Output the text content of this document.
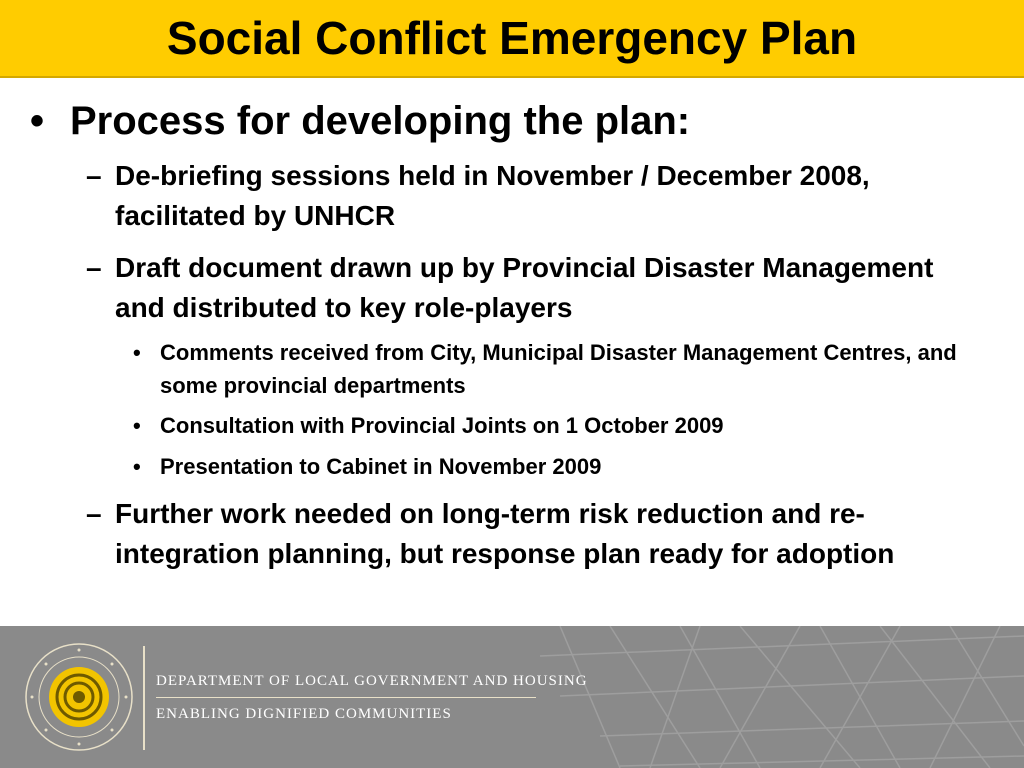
Social Conflict Emergency Plan
• Process for developing the plan:
– De-briefing sessions held in November / December 2008, facilitated by UNHCR
– Draft document drawn up by Provincial Disaster Management and distributed to key role-players
• Comments received from City, Municipal Disaster Management Centres, and some provincial departments
• Consultation with Provincial Joints on 1 October 2009
• Presentation to Cabinet in November 2009
– Further work needed on long-term risk reduction and re-integration planning, but response plan ready for adoption
DEPARTMENT OF LOCAL GOVERNMENT AND HOUSING
ENABLING DIGNIFIED COMMUNITIES
